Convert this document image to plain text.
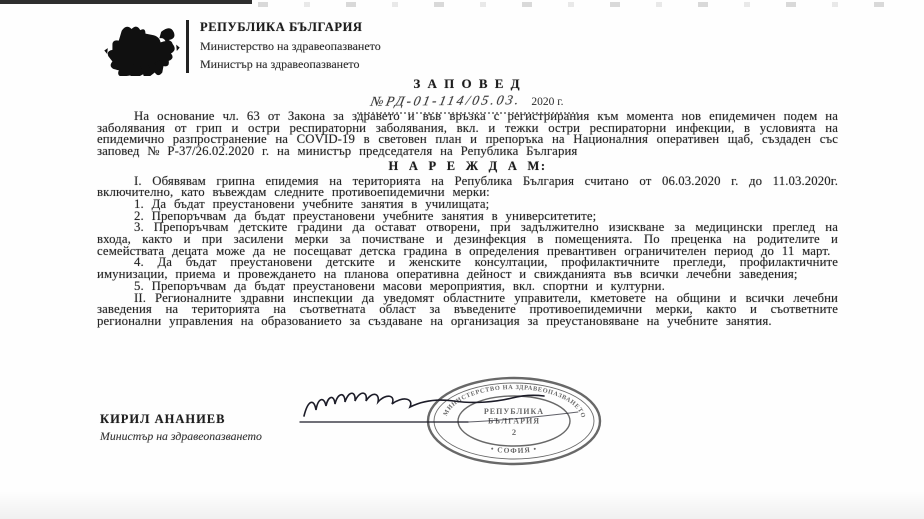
РЕПУБЛИКА БЪЛГАРИЯ
Министерство на здравеопазването
Министър на здравеопазването
З А П О В Е Д
№РД-01-114/05.03. 2020 г.

На основание чл. 63 от Закона за здравето и във връзка с регистрирания към момента нов епидемичен подем на заболявания от грип и остри респираторни заболявания, вкл. и тежки остри респираторни инфекции, в условията на епидемично разпространение на COVID-19 в световен план и препоръка на Националния оперативен щаб, създаден със заповед № Р-37/26.02.2020 г. на министър председателя на Република България

Н А Р Е Ж Д А М:

I. Обявявам грипна епидемия на територията на Република България считано от 06.03.2020 г. до 11.03.2020г. включително, като въвеждам следните противоепидемични мерки:

1. Да бъдат преустановени учебните занятия в училищата;

2. Препоръчвам да бъдат преустановени учебните занятия в университетите;

3. Препоръчвам детските градини да остават отворени, при задължително изискване за медицински преглед на входа, както и при засилени мерки за почистване и дезинфекция в помещенията. По преценка на родителите и семействата децата може да не посещават детска градина в определения превантивен ограничителен период до 11 март.

4. Да бъдат преустановени детските и женските консултации, профилактичните прегледи, профилактичните имунизации, приема и провеждането на планова оперативна дейност и свижданията във всички лечебни заведения;

5. Препоръчвам да бъдат преустановени масови мероприятия, вкл. спортни и културни.

II. Регионалните здравни инспекции да уведомят областните управители, кметовете на общини и всички лечебни заведения на територията на съответната област за въведените противоепидемични мерки, както и съответните регионални управления на образованието за създаване на организация за преустановяване на учебните занятия.

КИРИЛ АНАНИЕВ
Министър на здравеопазването
МИНИСТЕРСТВО НА ЗДРАВЕОПАЗВАНЕТО
• СОФИЯ •
РЕПУБЛИКА
БЪЛГАРИЯ
2
